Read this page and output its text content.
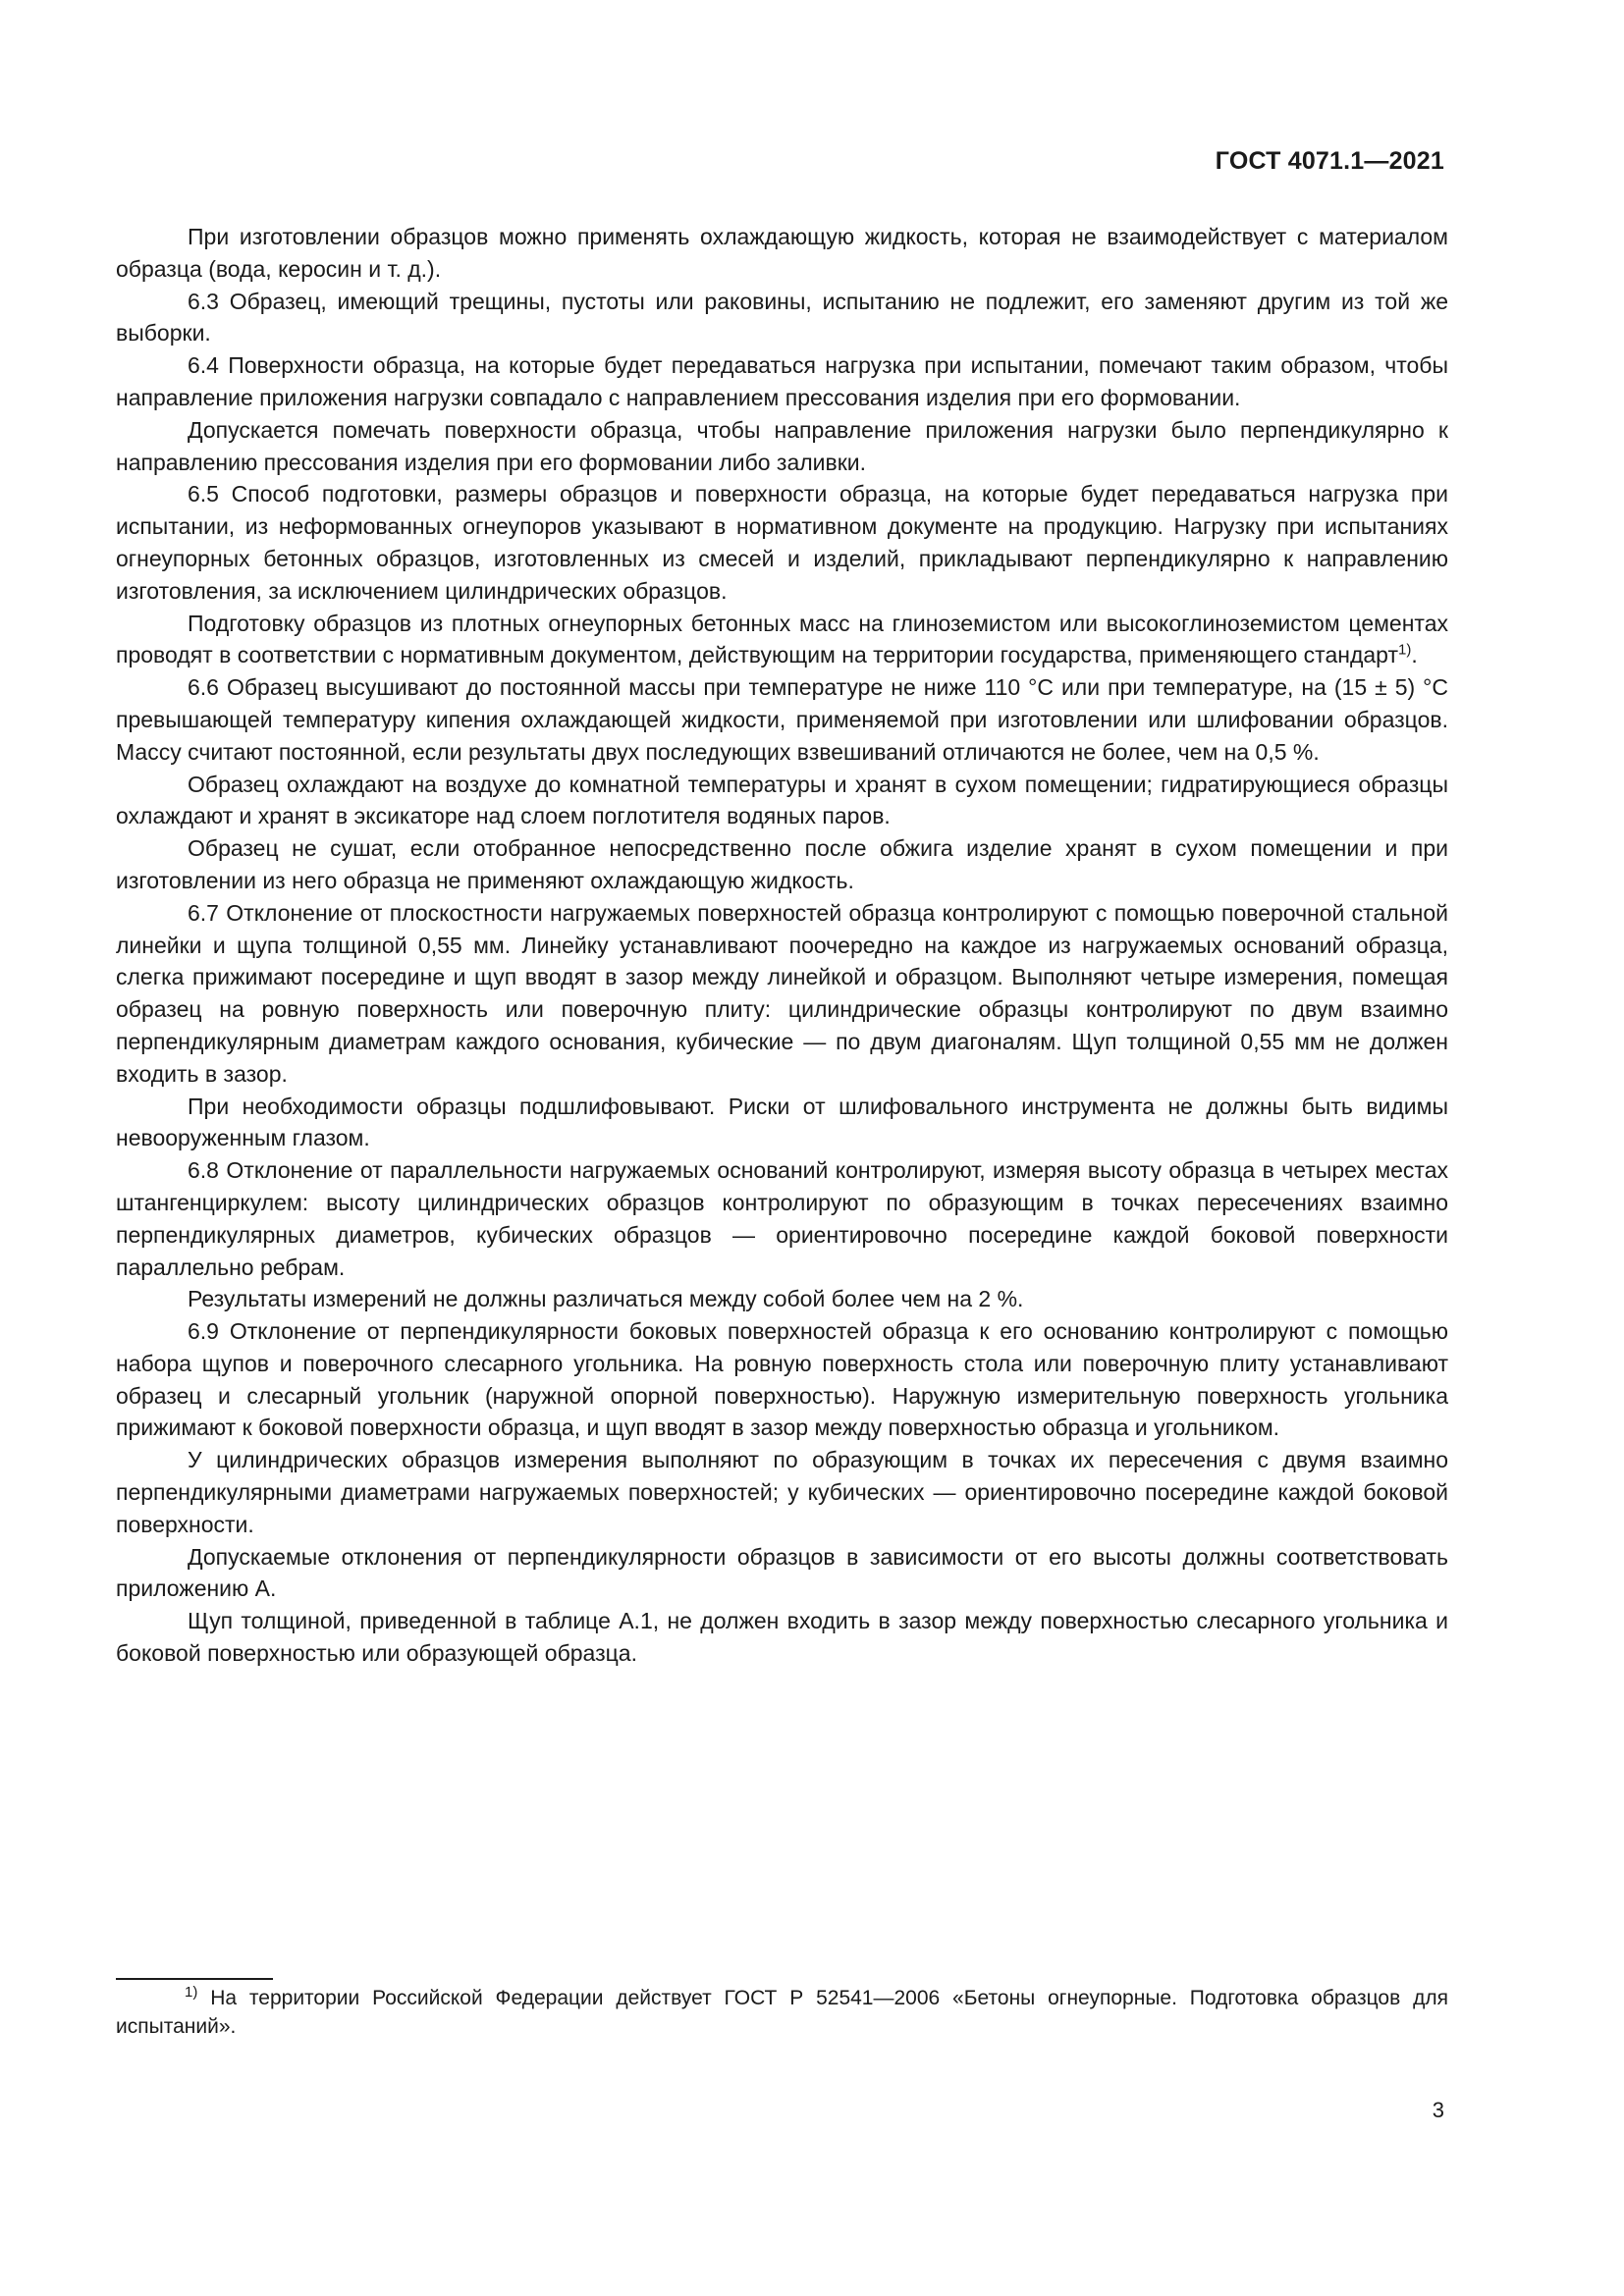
ГОСТ 4071.1—2021

При изготовлении образцов можно применять охлаждающую жидкость, которая не взаимодействует с материалом образца (вода, керосин и т. д.).

6.3 Образец, имеющий трещины, пустоты или раковины, испытанию не подлежит, его заменяют другим из той же выборки.

6.4 Поверхности образца, на которые будет передаваться нагрузка при испытании, помечают таким образом, чтобы направление приложения нагрузки совпадало с направлением прессования изделия при его формовании.

Допускается помечать поверхности образца, чтобы направление приложения нагрузки было перпендикулярно к направлению прессования изделия при его формовании либо заливки.

6.5 Способ подготовки, размеры образцов и поверхности образца, на которые будет передаваться нагрузка при испытании, из неформованных огнеупоров указывают в нормативном документе на продукцию. Нагрузку при испытаниях огнеупорных бетонных образцов, изготовленных из смесей и изделий, прикладывают перпендикулярно к направлению изготовления, за исключением цилиндрических образцов.

Подготовку образцов из плотных огнеупорных бетонных масс на глиноземистом или высокоглиноземистом цементах проводят в соответствии с нормативным документом, действующим на территории государства, применяющего стандарт$^{1)}$.

6.6 Образец высушивают до постоянной массы при температуре не ниже 110 °С или при температуре, на (15 ± 5) °С превышающей температуру кипения охлаждающей жидкости, применяемой при изготовлении или шлифовании образцов. Массу считают постоянной, если результаты двух последующих взвешиваний отличаются не более, чем на 0,5 %.

Образец охлаждают на воздухе до комнатной температуры и хранят в сухом помещении; гидратирующиеся образцы охлаждают и хранят в эксикаторе над слоем поглотителя водяных паров.

Образец не сушат, если отобранное непосредственно после обжига изделие хранят в сухом помещении и при изготовлении из него образца не применяют охлаждающую жидкость.

6.7 Отклонение от плоскостности нагружаемых поверхностей образца контролируют с помощью поверочной стальной линейки и щупа толщиной 0,55 мм. Линейку устанавливают поочередно на каждое из нагружаемых оснований образца, слегка прижимают посередине и щуп вводят в зазор между линейкой и образцом. Выполняют четыре измерения, помещая образец на ровную поверхность или поверочную плиту: цилиндрические образцы контролируют по двум взаимно перпендикулярным диаметрам каждого основания, кубические — по двум диагоналям. Щуп толщиной 0,55 мм не должен входить в зазор.

При необходимости образцы подшлифовывают. Риски от шлифовального инструмента не должны быть видимы невооруженным глазом.

6.8 Отклонение от параллельности нагружаемых оснований контролируют, измеряя высоту образца в четырех местах штангенциркулем: высоту цилиндрических образцов контролируют по образующим в точках пересечениях взаимно перпендикулярных диаметров, кубических образцов — ориентировочно посередине каждой боковой поверхности параллельно ребрам.

Результаты измерений не должны различаться между собой более чем на 2 %.

6.9 Отклонение от перпендикулярности боковых поверхностей образца к его основанию контролируют с помощью набора щупов и поверочного слесарного угольника. На ровную поверхность стола или поверочную плиту устанавливают образец и слесарный угольник (наружной опорной поверхностью). Наружную измерительную поверхность угольника прижимают к боковой поверхности образца, и щуп вводят в зазор между поверхностью образца и угольником.

У цилиндрических образцов измерения выполняют по образующим в точках их пересечения с двумя взаимно перпендикулярными диаметрами нагружаемых поверхностей; у кубических — ориентировочно посередине каждой боковой поверхности.

Допускаемые отклонения от перпендикулярности образцов в зависимости от его высоты должны соответствовать приложению А.

Щуп толщиной, приведенной в таблице А.1, не должен входить в зазор между поверхностью слесарного угольника и боковой поверхностью или образующей образца.

$^{1)}$ На территории Российской Федерации действует ГОСТ Р 52541—2006 «Бетоны огнеупорные. Подготовка образцов для испытаний».

3
